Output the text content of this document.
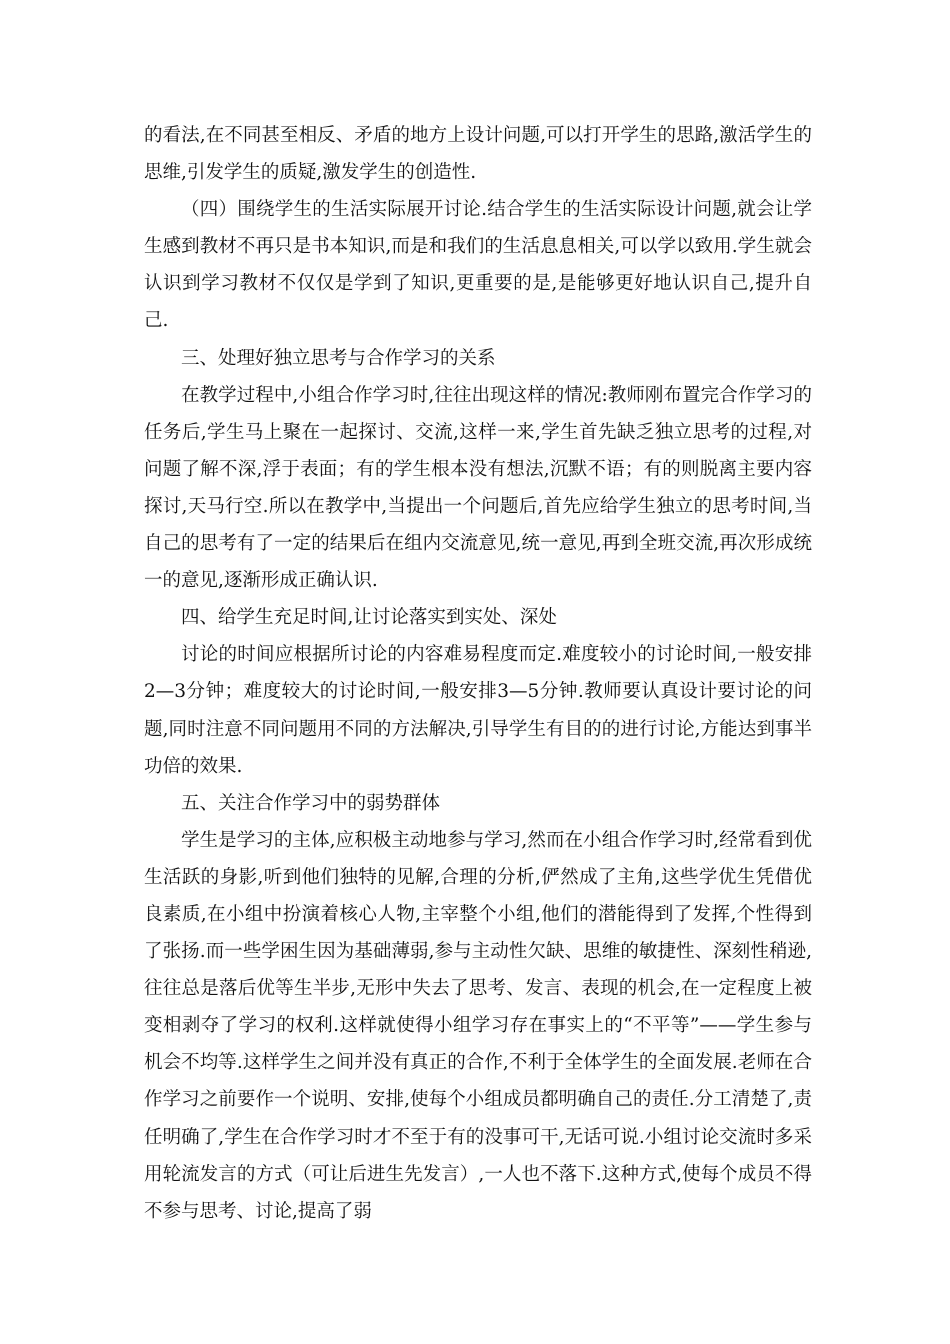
的看法,在不同甚至相反、矛盾的地方上设计问题,可以打开学生的思路,激活学生的思维,引发学生的质疑,激发学生的创造性.

（四）围绕学生的生活实际展开讨论.结合学生的生活实际设计问题,就会让学生感到教材不再只是书本知识,而是和我们的生活息息相关,可以学以致用.学生就会认识到学习教材不仅仅是学到了知识,更重要的是,是能够更好地认识自己,提升自己.

三、处理好独立思考与合作学习的关系

在教学过程中,小组合作学习时,往往出现这样的情况:教师刚布置完合作学习的任务后,学生马上聚在一起探讨、交流,这样一来,学生首先缺乏独立思考的过程,对问题了解不深,浮于表面；有的学生根本没有想法,沉默不语；有的则脱离主要内容探讨,天马行空.所以在教学中,当提出一个问题后,首先应给学生独立的思考时间,当自己的思考有了一定的结果后在组内交流意见,统一意见,再到全班交流,再次形成统一的意见,逐渐形成正确认识.

四、给学生充足时间,让讨论落实到实处、深处

讨论的时间应根据所讨论的内容难易程度而定.难度较小的讨论时间,一般安排2—3分钟；难度较大的讨论时间,一般安排3—5分钟.教师要认真设计要讨论的问题,同时注意不同问题用不同的方法解决,引导学生有目的的进行讨论,方能达到事半功倍的效果.

五、关注合作学习中的弱势群体

学生是学习的主体,应积极主动地参与学习,然而在小组合作学习时,经常看到优生活跃的身影,听到他们独特的见解,合理的分析,俨然成了主角,这些学优生凭借优良素质,在小组中扮演着核心人物,主宰整个小组,他们的潜能得到了发挥,个性得到了张扬.而一些学困生因为基础薄弱,参与主动性欠缺、思维的敏捷性、深刻性稍逊,往往总是落后优等生半步,无形中失去了思考、发言、表现的机会,在一定程度上被变相剥夺了学习的权利.这样就使得小组学习存在事实上的“不平等”——学生参与机会不均等.这样学生之间并没有真正的合作,不利于全体学生的全面发展.老师在合作学习之前要作一个说明、安排,使每个小组成员都明确自己的责任.分工清楚了,责任明确了,学生在合作学习时才不至于有的没事可干,无话可说.小组讨论交流时多采用轮流发言的方式（可让后进生先发言）,一人也不落下.这种方式,使每个成员不得不参与思考、讨论,提高了弱
